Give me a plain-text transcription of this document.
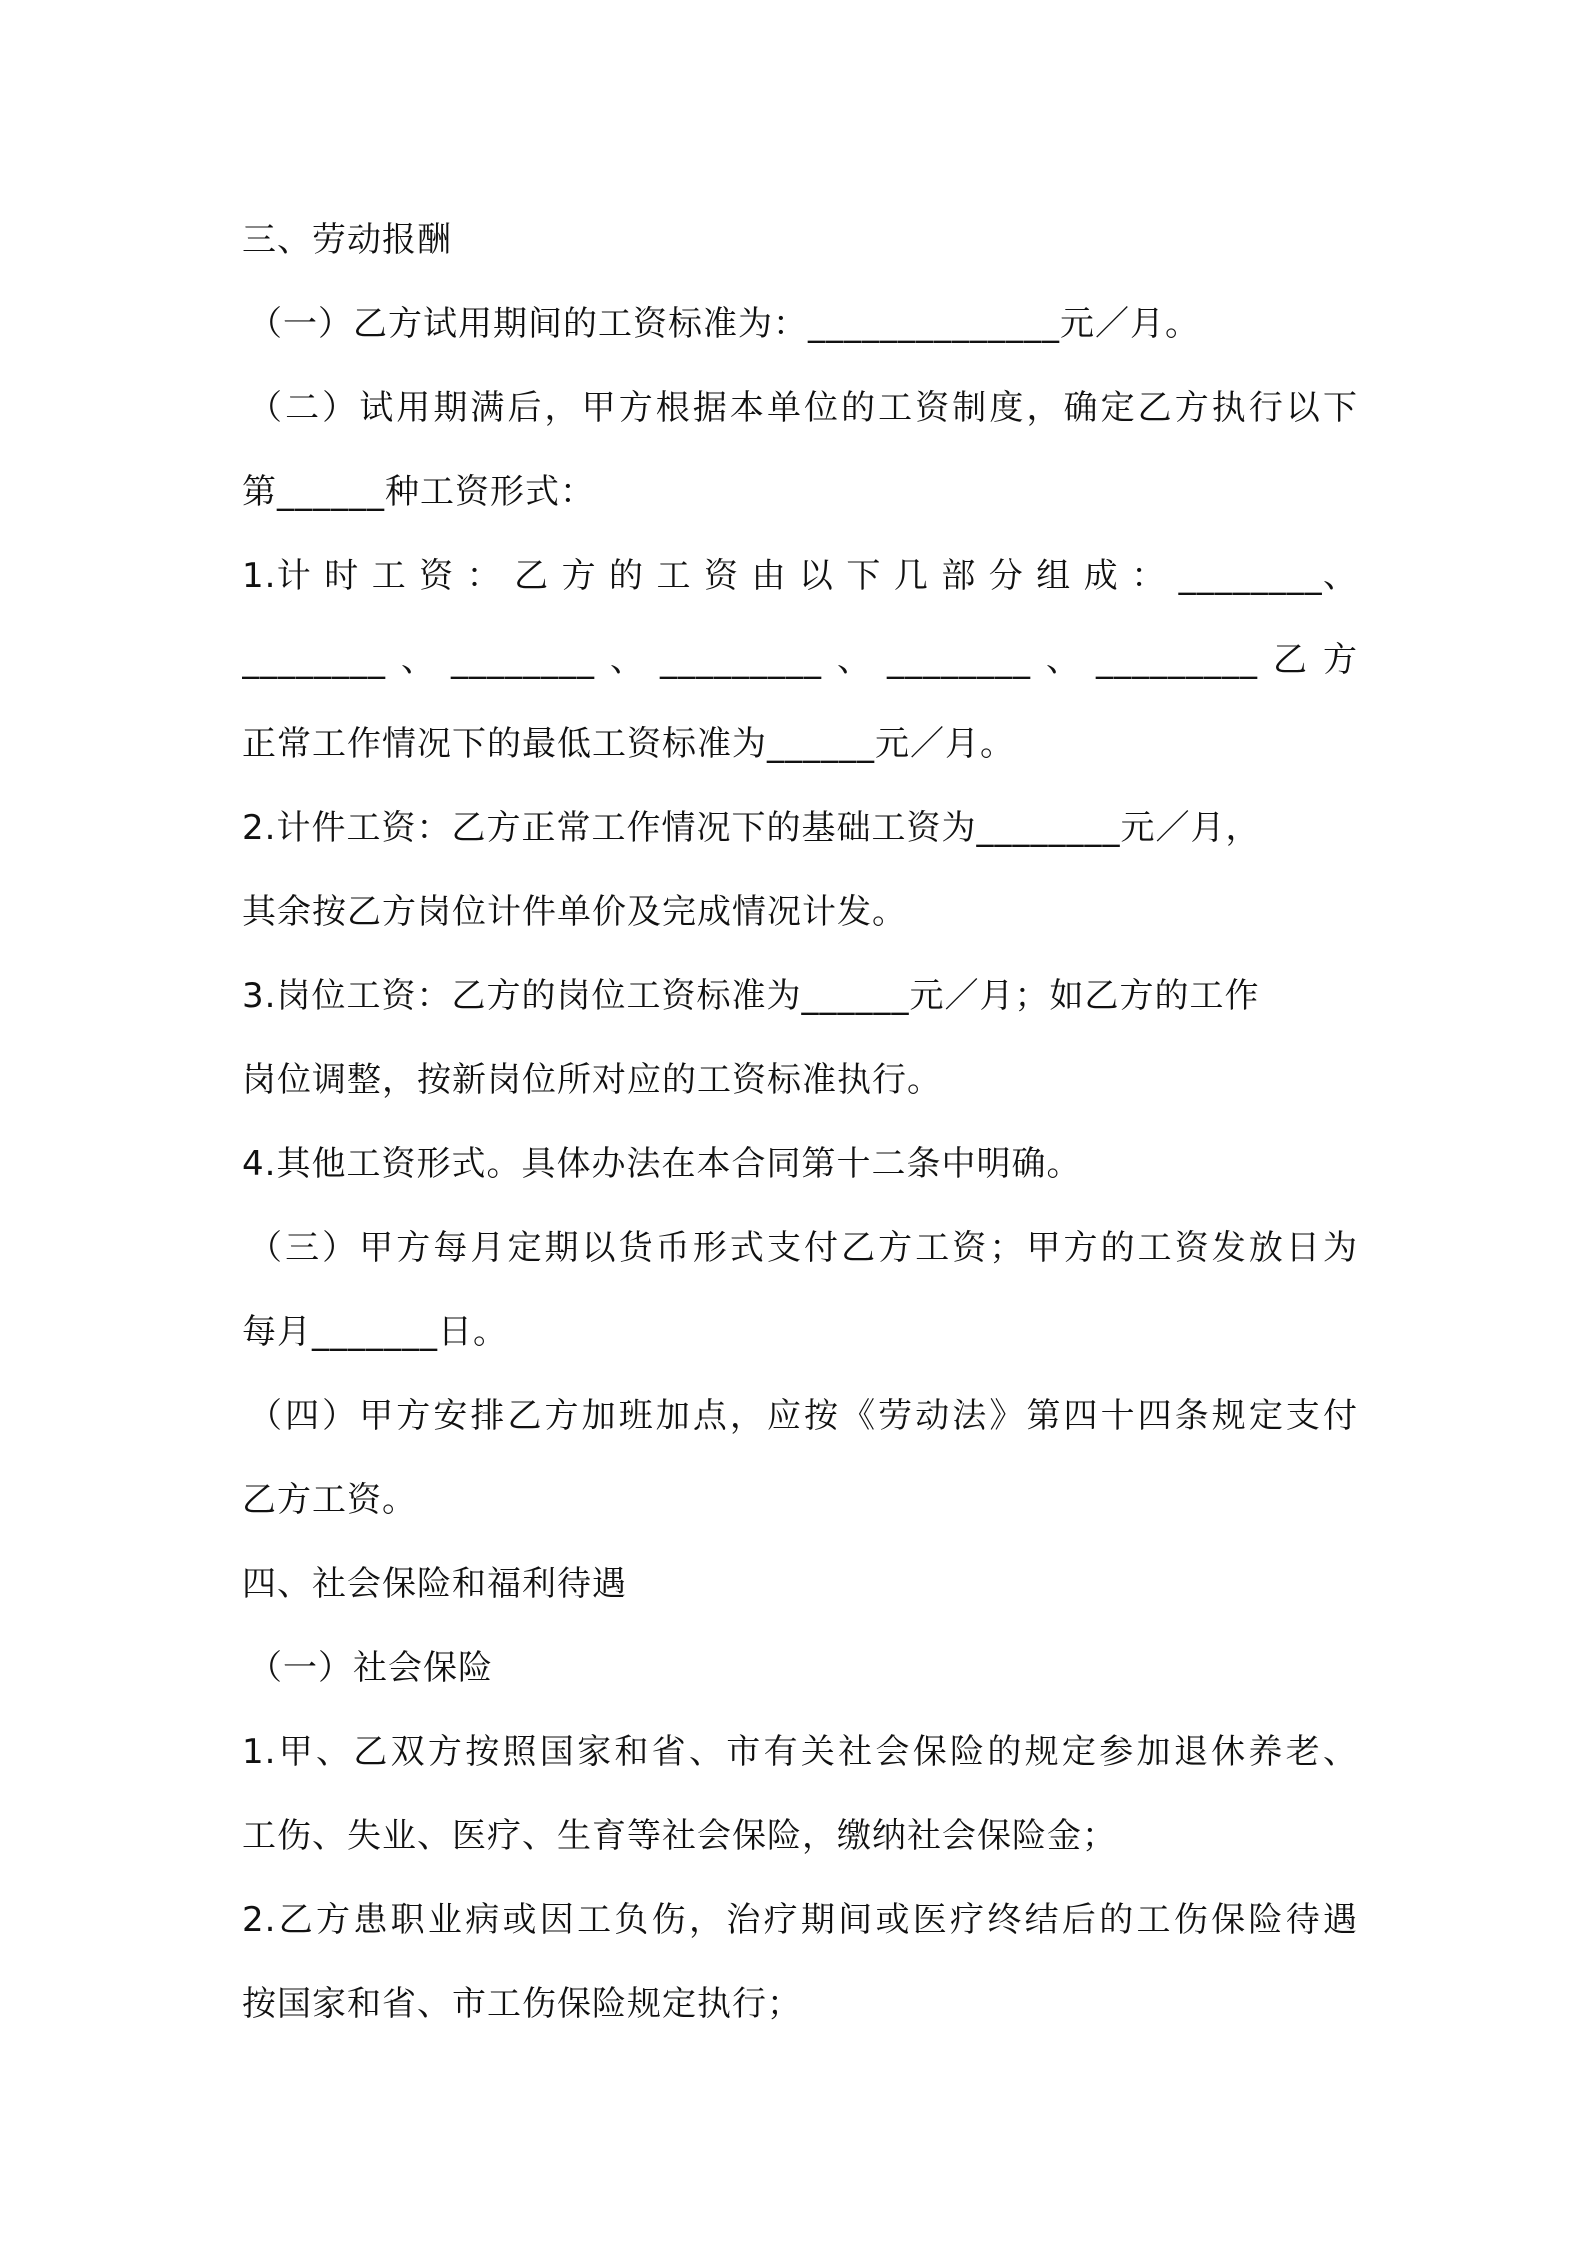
三、劳动报酬
（一）乙方试用期间的工资标准为：______________元／月。
（二）试用期满后，甲方根据本单位的工资制度，确定乙方执行以下
第______种工资形式：
1.计 时 工 资 ： 乙 方 的 工 资 由 以 下 几 部 分 组 成 ： ________、
________、________、_________、________、_________乙方
正常工作情况下的最低工资标准为______元／月。
2.计件工资：乙方正常工作情况下的基础工资为________元／月，
其余按乙方岗位计件单价及完成情况计发。
3.岗位工资：乙方的岗位工资标准为______元／月；如乙方的工作
岗位调整，按新岗位所对应的工资标准执行。
4.其他工资形式。具体办法在本合同第十二条中明确。
（三）甲方每月定期以货币形式支付乙方工资；甲方的工资发放日为
每月_______日。
（四）甲方安排乙方加班加点，应按《劳动法》第四十四条规定支付
乙方工资。
四、社会保险和福利待遇
（一）社会保险
1.甲、乙双方按照国家和省、市有关社会保险的规定参加退休养老、
工伤、失业、医疗、生育等社会保险，缴纳社会保险金；
2.乙方患职业病或因工负伤，治疗期间或医疗终结后的工伤保险待遇
按国家和省、市工伤保险规定执行；
